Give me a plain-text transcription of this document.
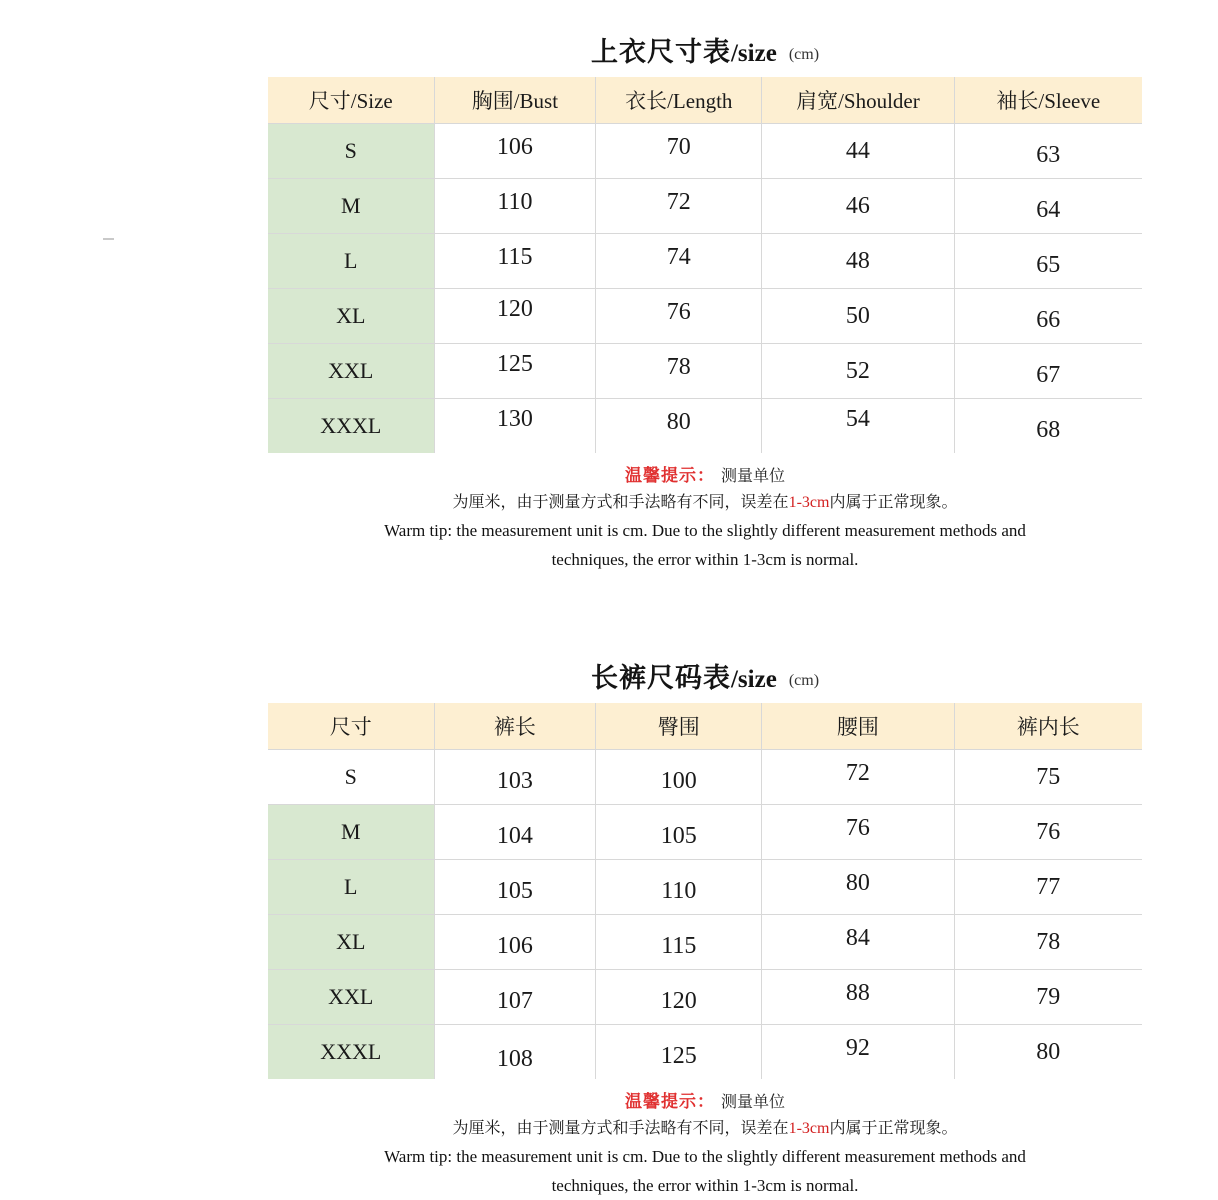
上衣尺寸表/size (cm)
尺寸/Size	胸围/Bust	衣长/Length	肩宽/Shoulder	袖长/Sleeve
S	106	70	44	63
M	110	72	46	64
L	115	74	48	65
XL	120	76	50	66
XXL	125	78	52	67
XXXL	130	80	54	68
温馨提示： 测量单位
为厘米，由于测量方式和手法略有不同，误差在1-3cm内属于正常现象。
Warm tip: the measurement unit is cm. Due to the slightly different measurement methods and
techniques, the error within 1-3cm is normal.
长裤尺码表/size (cm)
尺寸	裤长	臀围	腰围	裤内长
S	103	100	72	75
M	104	105	76	76
L	105	110	80	77
XL	106	115	84	78
XXL	107	120	88	79
XXXL	108	125	92	80
温馨提示： 测量单位
为厘米，由于测量方式和手法略有不同，误差在1-3cm内属于正常现象。
Warm tip: the measurement unit is cm. Due to the slightly different measurement methods and
techniques, the error within 1-3cm is normal.
